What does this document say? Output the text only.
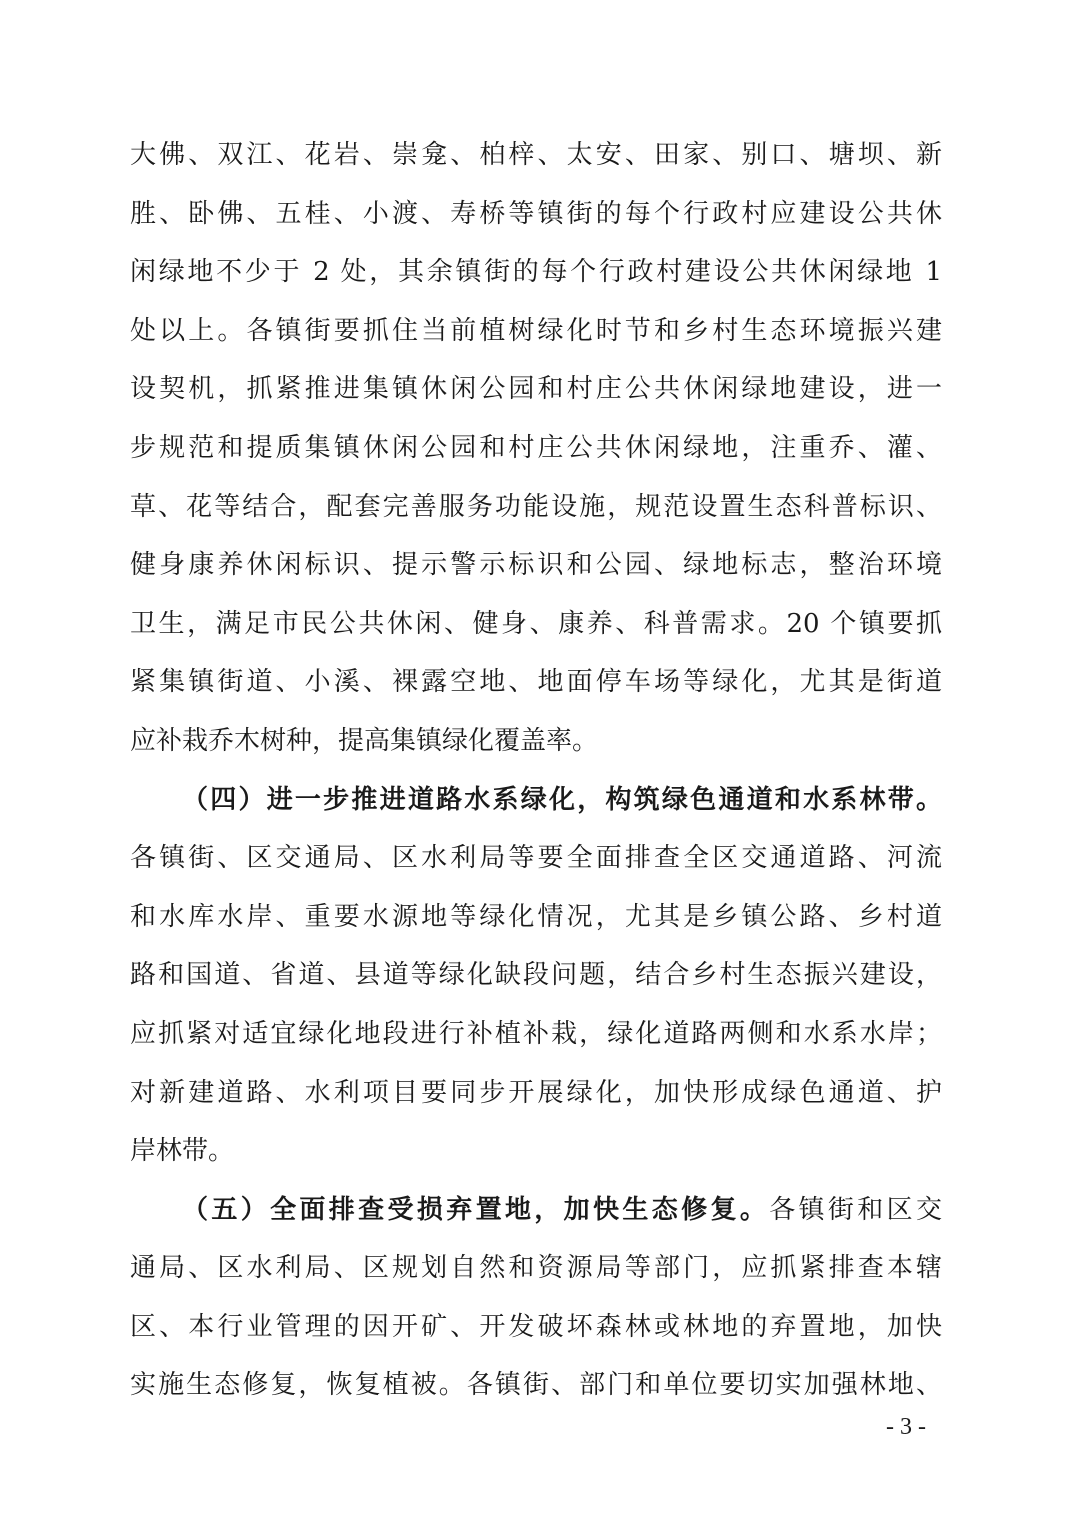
大佛、双江、花岩、崇龛、柏梓、太安、田家、别口、塘坝、新
胜、卧佛、五桂、小渡、寿桥等镇街的每个行政村应建设公共休
闲绿地不少于 2 处，其余镇街的每个行政村建设公共休闲绿地 1
处以上。各镇街要抓住当前植树绿化时节和乡村生态环境振兴建
设契机，抓紧推进集镇休闲公园和村庄公共休闲绿地建设，进一
步规范和提质集镇休闲公园和村庄公共休闲绿地，注重乔、灌、
草、花等结合，配套完善服务功能设施，规范设置生态科普标识、
健身康养休闲标识、提示警示标识和公园、绿地标志，整治环境
卫生，满足市民公共休闲、健身、康养、科普需求。20 个镇要抓
紧集镇街道、小溪、裸露空地、地面停车场等绿化，尤其是街道
应补栽乔木树种，提高集镇绿化覆盖率。
（四）进一步推进道路水系绿化，构筑绿色通道和水系林带。
各镇街、区交通局、区水利局等要全面排查全区交通道路、河流
和水库水岸、重要水源地等绿化情况，尤其是乡镇公路、乡村道
路和国道、省道、县道等绿化缺段问题，结合乡村生态振兴建设，
应抓紧对适宜绿化地段进行补植补栽，绿化道路两侧和水系水岸；
对新建道路、水利项目要同步开展绿化，加快形成绿色通道、护
岸林带。
（五）全面排查受损弃置地，加快生态修复。各镇街和区交
通局、区水利局、区规划自然和资源局等部门，应抓紧排查本辖
区、本行业管理的因开矿、开发破坏森林或林地的弃置地，加快
实施生态修复，恢复植被。各镇街、部门和单位要切实加强林地、
- 3 -
